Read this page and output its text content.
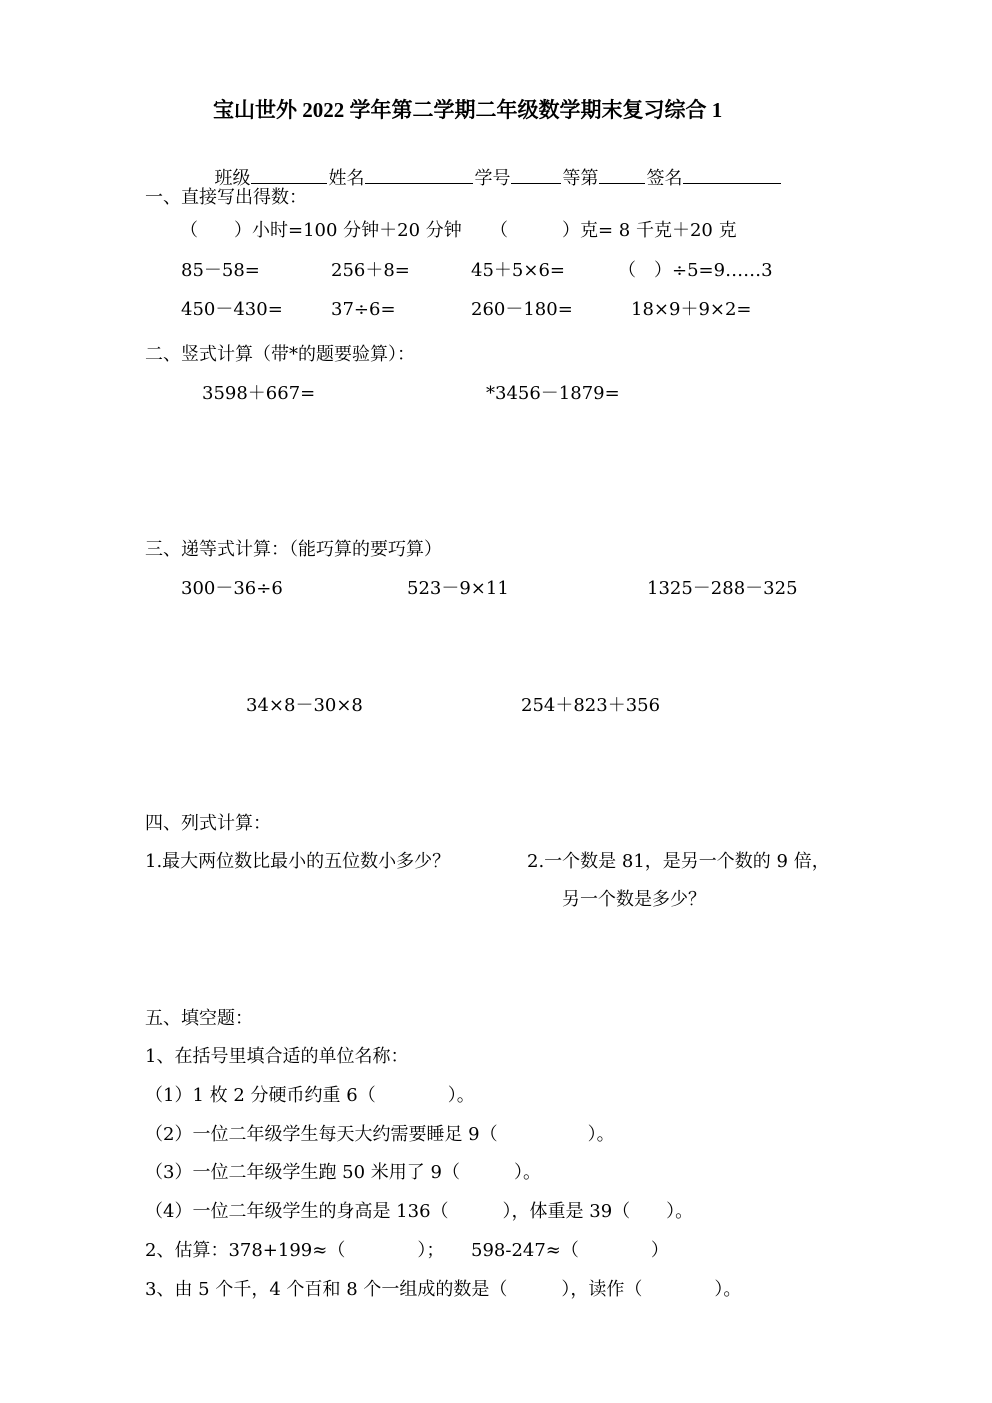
宝山世外 2022 学年第二学期二年级数学期末复习综合 1

班级	姓名	学号	等第	签名

一、直接写出得数：
（　　）小时=100 分钟＋20 分钟 （　　　）克= 8 千克＋20 克
85－58=	256＋8=	45＋5×6=	（　）÷5=9……3
450－430=	37÷6=	260－180=	18×9＋9×2=
二、竖式计算（带*的题要验算）：
3598＋667=	*3456－1879=
三、递等式计算：（能巧算的要巧算）
300－36÷6	523－9×11	1325－288－325
34×8－30×8	254＋823＋356
四、列式计算：
1.最大两位数比最小的五位数小多少？	2.一个数是 81，是另一个数的 9 倍，
另一个数是多少？
五、填空题：
1、在括号里填合适的单位名称：
（1）1 枚 2 分硬币约重 6（　　　　）。
（2）一位二年级学生每天大约需要睡足 9（　　　　　）。
（3）一位二年级学生跑 50 米用了 9（　　　）。
（4）一位二年级学生的身高是 136（　　　），体重是 39（　　）。
2、估算：378+199≈（　　　　）； 598-247≈（　　　　）
3、由 5 个千，4 个百和 8 个一组成的数是（　　　），读作（　　　　）。
